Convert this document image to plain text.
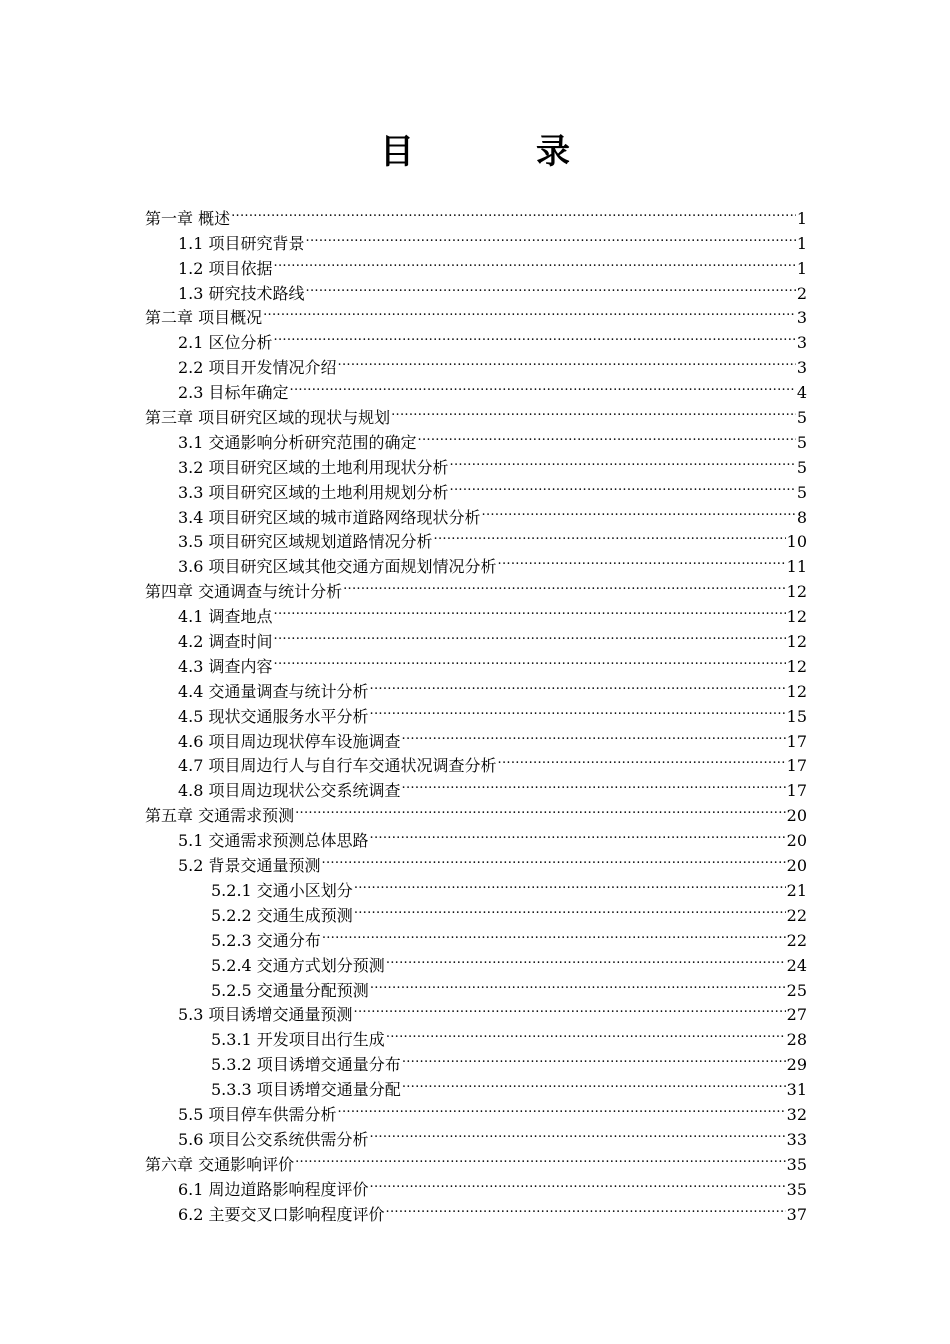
目　录
第一章 概述 .....	1
1.1 项目研究背景 .....	1
1.2 项目依据 .....	1
1.3 研究技术路线 .....	2
第二章 项目概况 .....	3
2.1 区位分析 .....	3
2.2 项目开发情况介绍 .....	3
2.3 目标年确定 .....	4
第三章 项目研究区域的现状与规划 .....	5
3.1 交通影响分析研究范围的确定 .....	5
3.2 项目研究区域的土地利用现状分析 .....	5
3.3 项目研究区域的土地利用规划分析 .....	5
3.4 项目研究区域的城市道路网络现状分析 .....	8
3.5 项目研究区域规划道路情况分析 .....	10
3.6 项目研究区域其他交通方面规划情况分析 .....	11
第四章 交通调查与统计分析 .....	12
4.1 调查地点 .....	12
4.2 调查时间 .....	12
4.3 调查内容 .....	12
4.4 交通量调查与统计分析 .....	12
4.5 现状交通服务水平分析 .....	15
4.6 项目周边现状停车设施调查 .....	17
4.7 项目周边行人与自行车交通状况调查分析 .....	17
4.8 项目周边现状公交系统调查 .....	17
第五章 交通需求预测 .....	20
5.1 交通需求预测总体思路 .....	20
5.2 背景交通量预测 .....	20
5.2.1 交通小区划分 .....	21
5.2.2 交通生成预测 .....	22
5.2.3 交通分布 .....	22
5.2.4 交通方式划分预测 .....	24
5.2.5 交通量分配预测 .....	25
5.3 项目诱增交通量预测 .....	27
5.3.1 开发项目出行生成 .....	28
5.3.2 项目诱增交通量分布 .....	29
5.3.3 项目诱增交通量分配 .....	31
5.5 项目停车供需分析 .....	32
5.6 项目公交系统供需分析 .....	33
第六章 交通影响评价 .....	35
6.1 周边道路影响程度评价 .....	35
6.2 主要交叉口影响程度评价 .....	37
